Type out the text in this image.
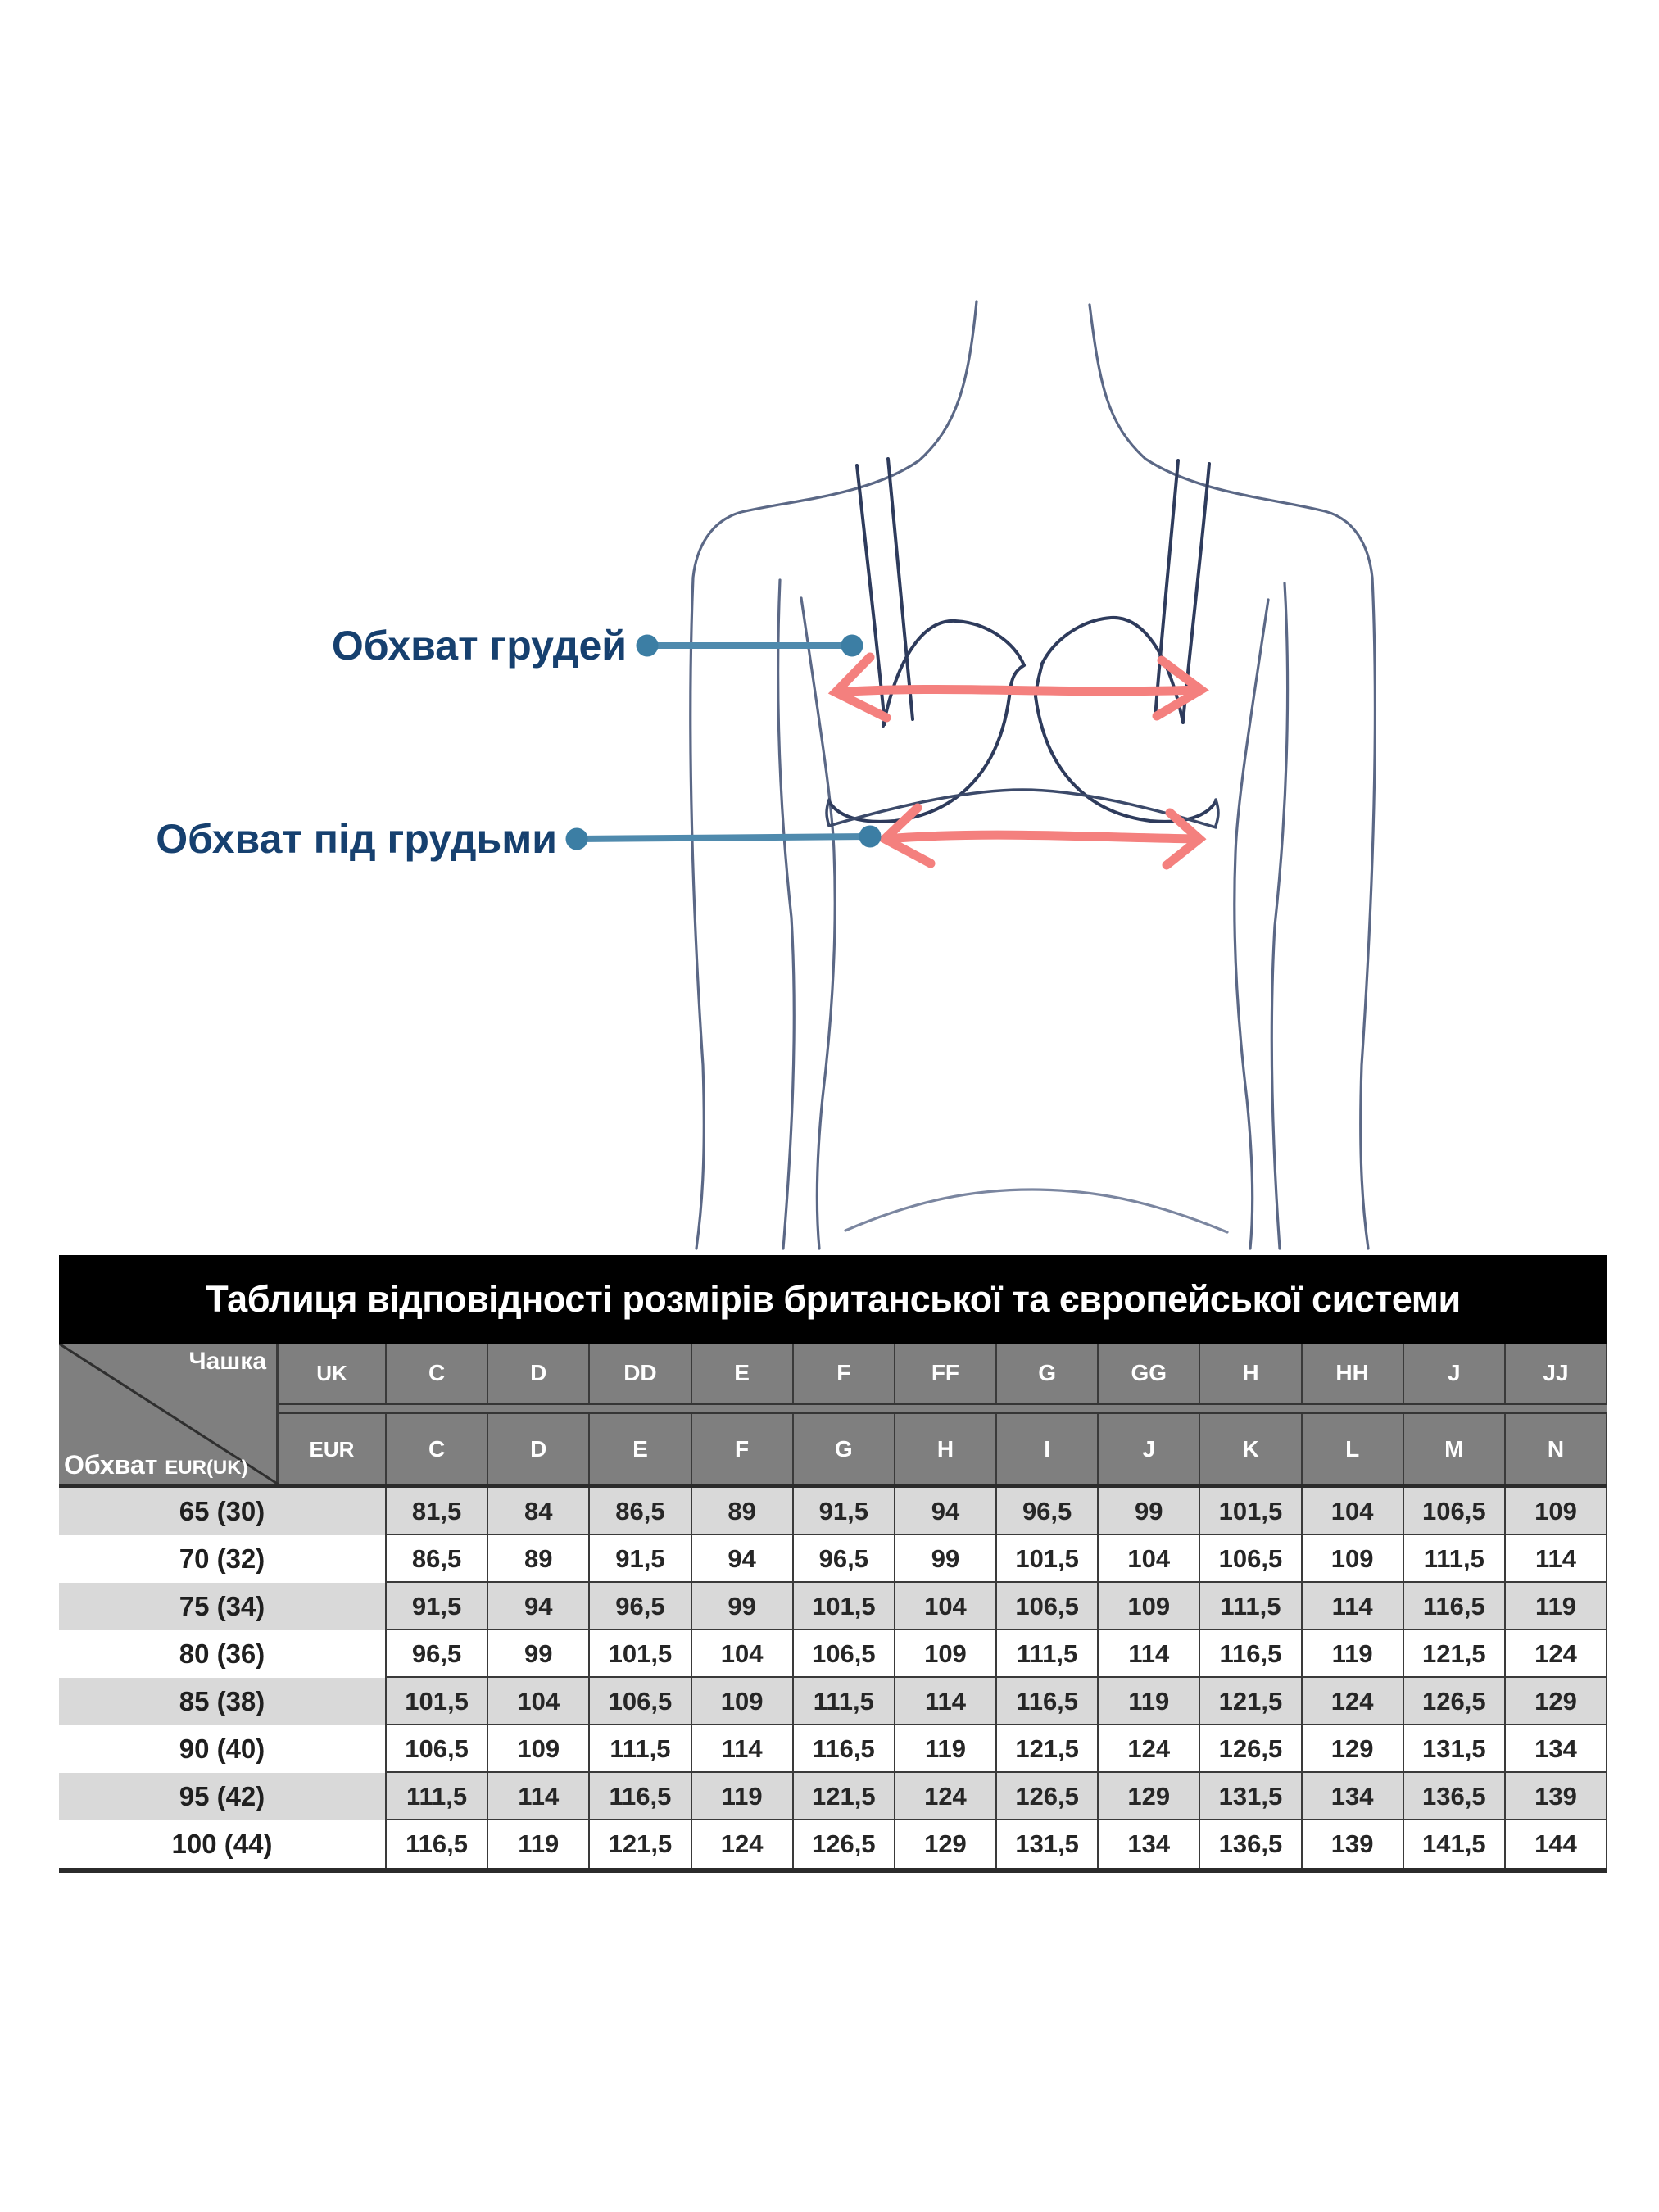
Обхват грудей
Обхват під грудьми
Таблиця відповідності розмірів британської та європейської системи
Чашка
Обхват EUR(UK)
UK	C	D	DD	E	F	FF	G	GG	H	HH	J	JJ
EUR	C	D	E	F	G	H	I	J	K	L	M	N
65 (30)	81,5	84	86,5	89	91,5	94	96,5	99	101,5	104	106,5	109
70 (32)	86,5	89	91,5	94	96,5	99	101,5	104	106,5	109	111,5	114
75 (34)	91,5	94	96,5	99	101,5	104	106,5	109	111,5	114	116,5	119
80 (36)	96,5	99	101,5	104	106,5	109	111,5	114	116,5	119	121,5	124
85 (38)	101,5	104	106,5	109	111,5	114	116,5	119	121,5	124	126,5	129
90 (40)	106,5	109	111,5	114	116,5	119	121,5	124	126,5	129	131,5	134
95 (42)	111,5	114	116,5	119	121,5	124	126,5	129	131,5	134	136,5	139
100 (44)	116,5	119	121,5	124	126,5	129	131,5	134	136,5	139	141,5	144
